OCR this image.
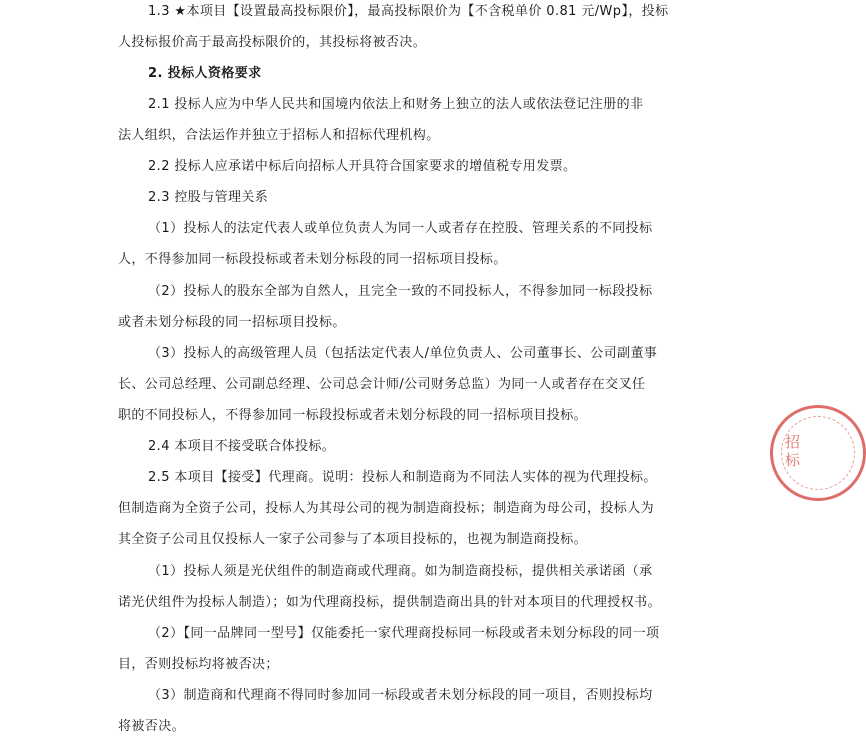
1.3 ★本项目【设置最高投标限价】，最高投标限价为【不含税单价 0.81 元/Wp】，投标
人投标报价高于最高投标限价的，其投标将被否决。
2. 投标人资格要求
2.1 投标人应为中华人民共和国境内依法上和财务上独立的法人或依法登记注册的非
法人组织，合法运作并独立于招标人和招标代理机构。
2.2 投标人应承诺中标后向招标人开具符合国家要求的增值税专用发票。
2.3 控股与管理关系
（1）投标人的法定代表人或单位负责人为同一人或者存在控股、管理关系的不同投标
人，不得参加同一标段投标或者未划分标段的同一招标项目投标。
（2）投标人的股东全部为自然人，且完全一致的不同投标人，不得参加同一标段投标
或者未划分标段的同一招标项目投标。
（3）投标人的高级管理人员（包括法定代表人/单位负责人、公司董事长、公司副董事
长、公司总经理、公司副总经理、公司总会计师/公司财务总监）为同一人或者存在交叉任
职的不同投标人，不得参加同一标段投标或者未划分标段的同一招标项目投标。
2.4 本项目不接受联合体投标。
2.5 本项目【接受】代理商。说明：投标人和制造商为不同法人实体的视为代理投标。
但制造商为全资子公司，投标人为其母公司的视为制造商投标；制造商为母公司，投标人为
其全资子公司且仅投标人一家子公司参与了本项目投标的，也视为制造商投标。
（1）投标人须是光伏组件的制造商或代理商。如为制造商投标，提供相关承诺函（承
诺光伏组件为投标人制造）；如为代理商投标，提供制造商出具的针对本项目的代理授权书。
（2）【同一品牌同一型号】仅能委托一家代理商投标同一标段或者未划分标段的同一项
目，否则投标均将被否决；
（3）制造商和代理商不得同时参加同一标段或者未划分标段的同一项目，否则投标均
将被否决。
招标
